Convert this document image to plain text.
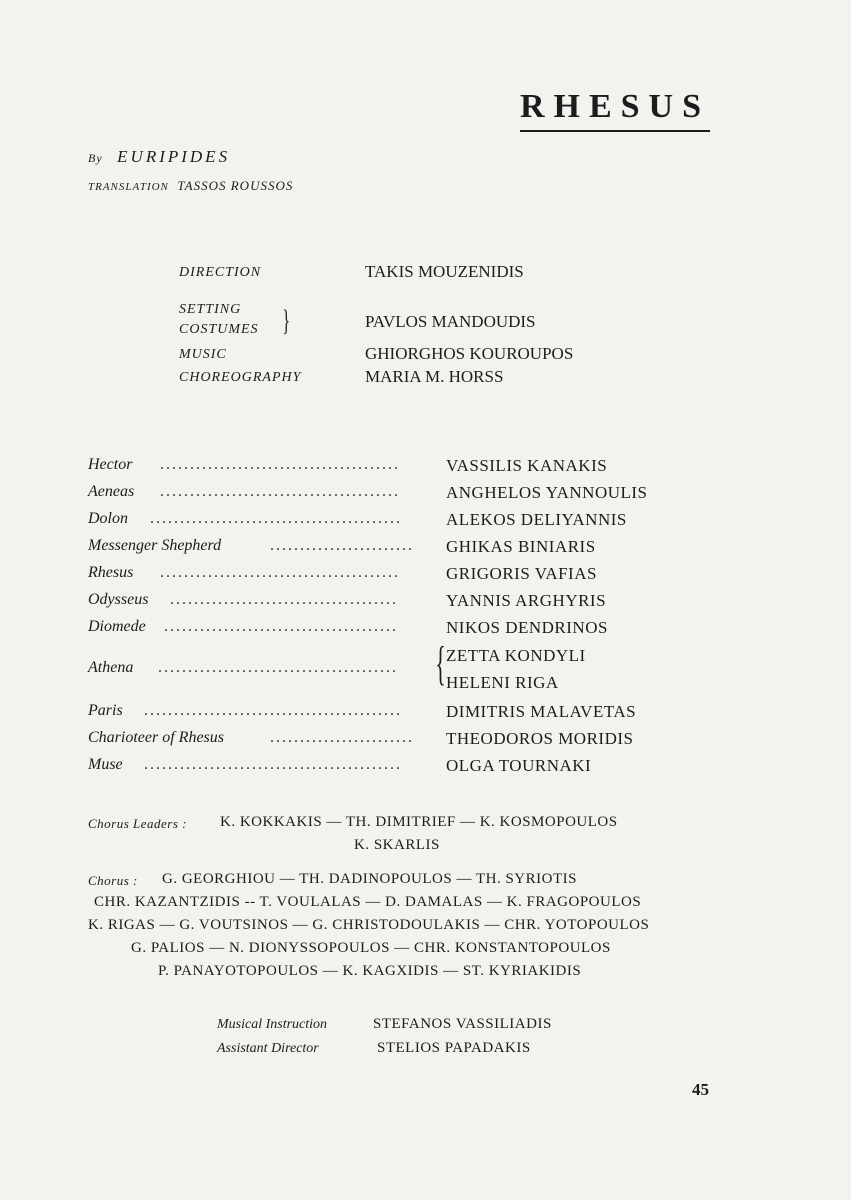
RHESUS
By EURIPIDES
TRANSLATION TASSOS ROUSSOS
DIRECTION	TAKIS MOUZENIDIS
SETTING
COSTUMES	PAVLOS MANDOUDIS
}
MUSIC	GHIORGHOS KOUROUPOS
CHOREOGRAPHY	MARIA M. HORSS
Hector ........................................	VASSILIS KANAKIS
Aeneas ........................................	ANGHELOS YANNOULIS
Dolon ..........................................	ALEKOS DELIYANNIS
Messenger Shepherd	........................	GHIKAS BINIARIS
Rhesus ........................................	GRIGORIS VAFIAS
Odysseus ......................................	YANNIS ARGHYRIS
Diomede .......................................	NIKOS DENDRINOS
Athena ........................................ { ZETTA KONDYLI
HELENI RIGA
Paris ...........................................	DIMITRIS MALAVETAS
Charioteer of Rhesus	........................	THEODOROS MORIDIS
Muse ...........................................	OLGA TOURNAKI
Chorus Leaders : K. KOKKAKIS — TH. DIMITRIEF — K. KOSMOPOULOS
K. SKARLIS
Chorus : G. GEORGHIOU — TH. DADINOPOULOS — TH. SYRIOTIS
CHR. KAZANTZIDIS -- T. VOULALAS — D. DAMALAS — K. FRAGOPOULOS
K. RIGAS — G. VOUTSINOS — G. CHRISTODOULAKIS — CHR. YOTOPOULOS
G. PALIOS — N. DIONYSSOPOULOS — CHR. KONSTANTOPOULOS
P. PANAYOTOPOULOS — K. KAGXIDIS — ST. KYRIAKIDIS
Musical Instruction	STEFANOS VASSILIADIS
Assistant Director	STELIOS PAPADAKIS
45
